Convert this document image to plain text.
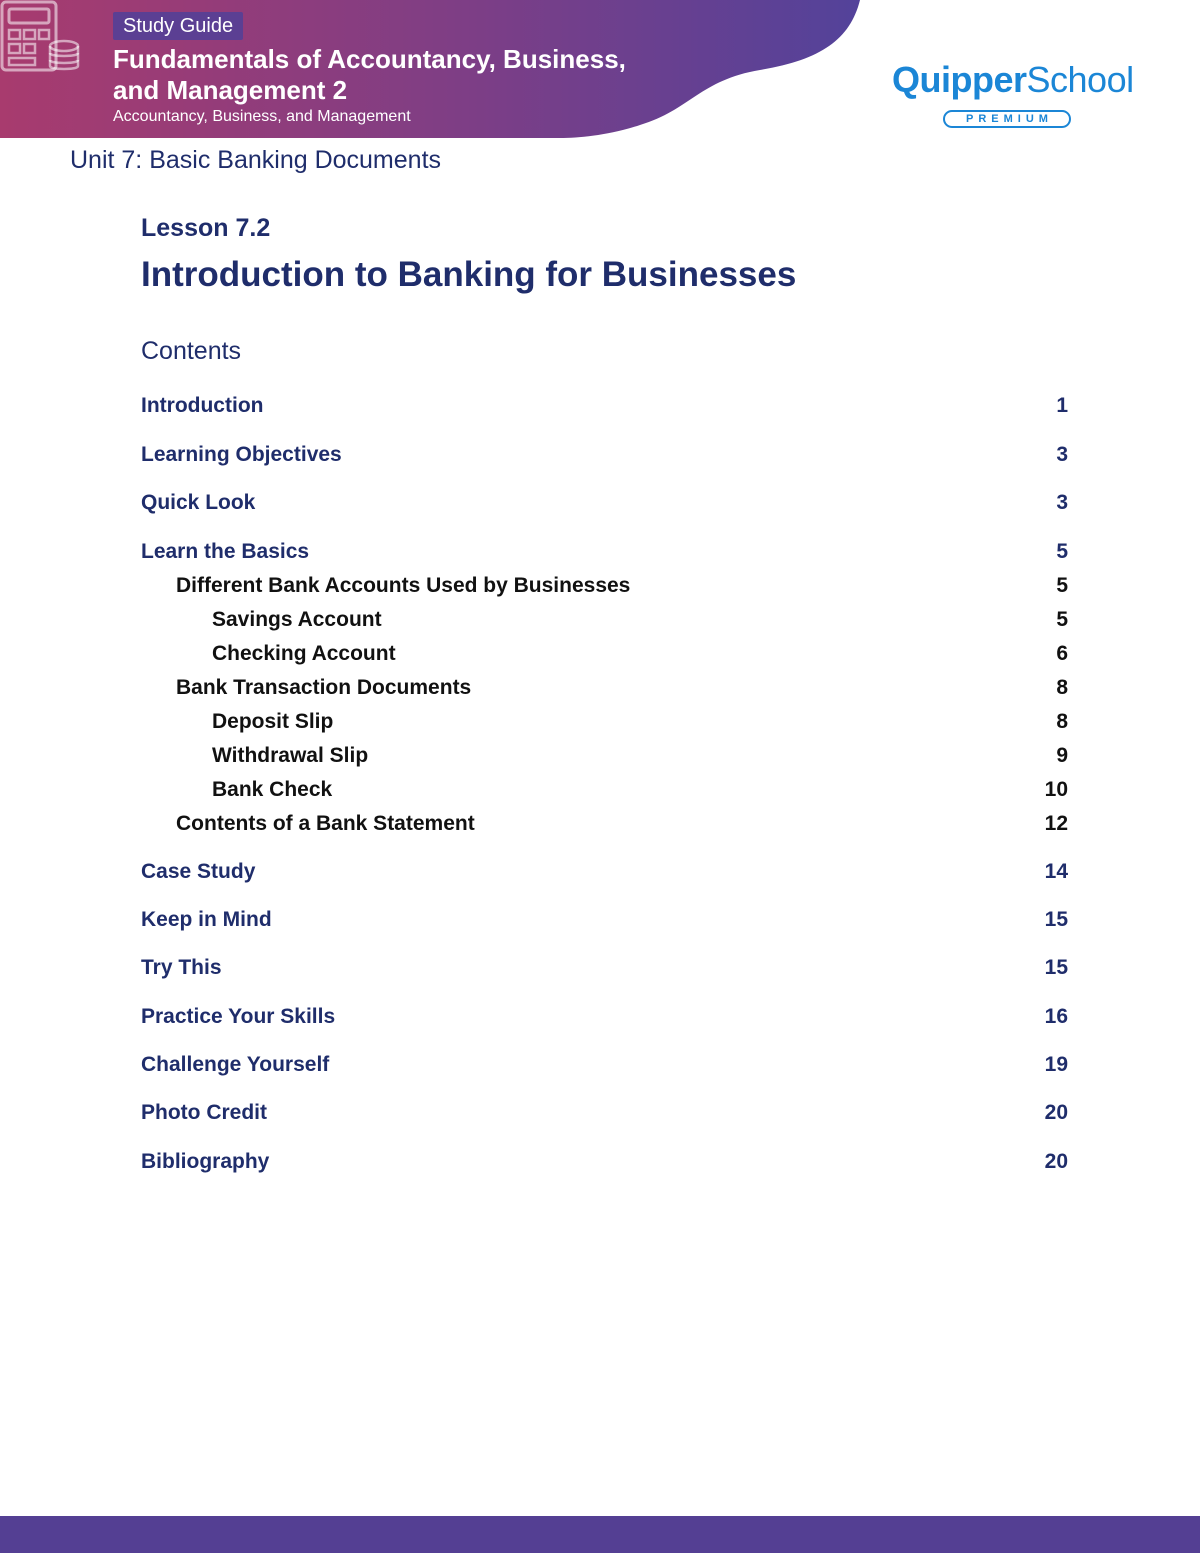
Study Guide
Fundamentals of Accountancy, Business,
and Management 2
Accountancy, Business, and Management
QuipperSchool
PREMIUM
Unit 7: Basic Banking Documents
Lesson 7.2
Introduction to Banking for Businesses
Contents
Introduction	1
Learning Objectives	3
Quick Look	3
Learn the Basics	5
Different Bank Accounts Used by Businesses	5
Savings Account	5
Checking Account	6
Bank Transaction Documents	8
Deposit Slip	8
Withdrawal Slip	9
Bank Check	10
Contents of a Bank Statement	12
Case Study	14
Keep in Mind	15
Try This	15
Practice Your Skills	16
Challenge Yourself	19
Photo Credit	20
Bibliography	20
